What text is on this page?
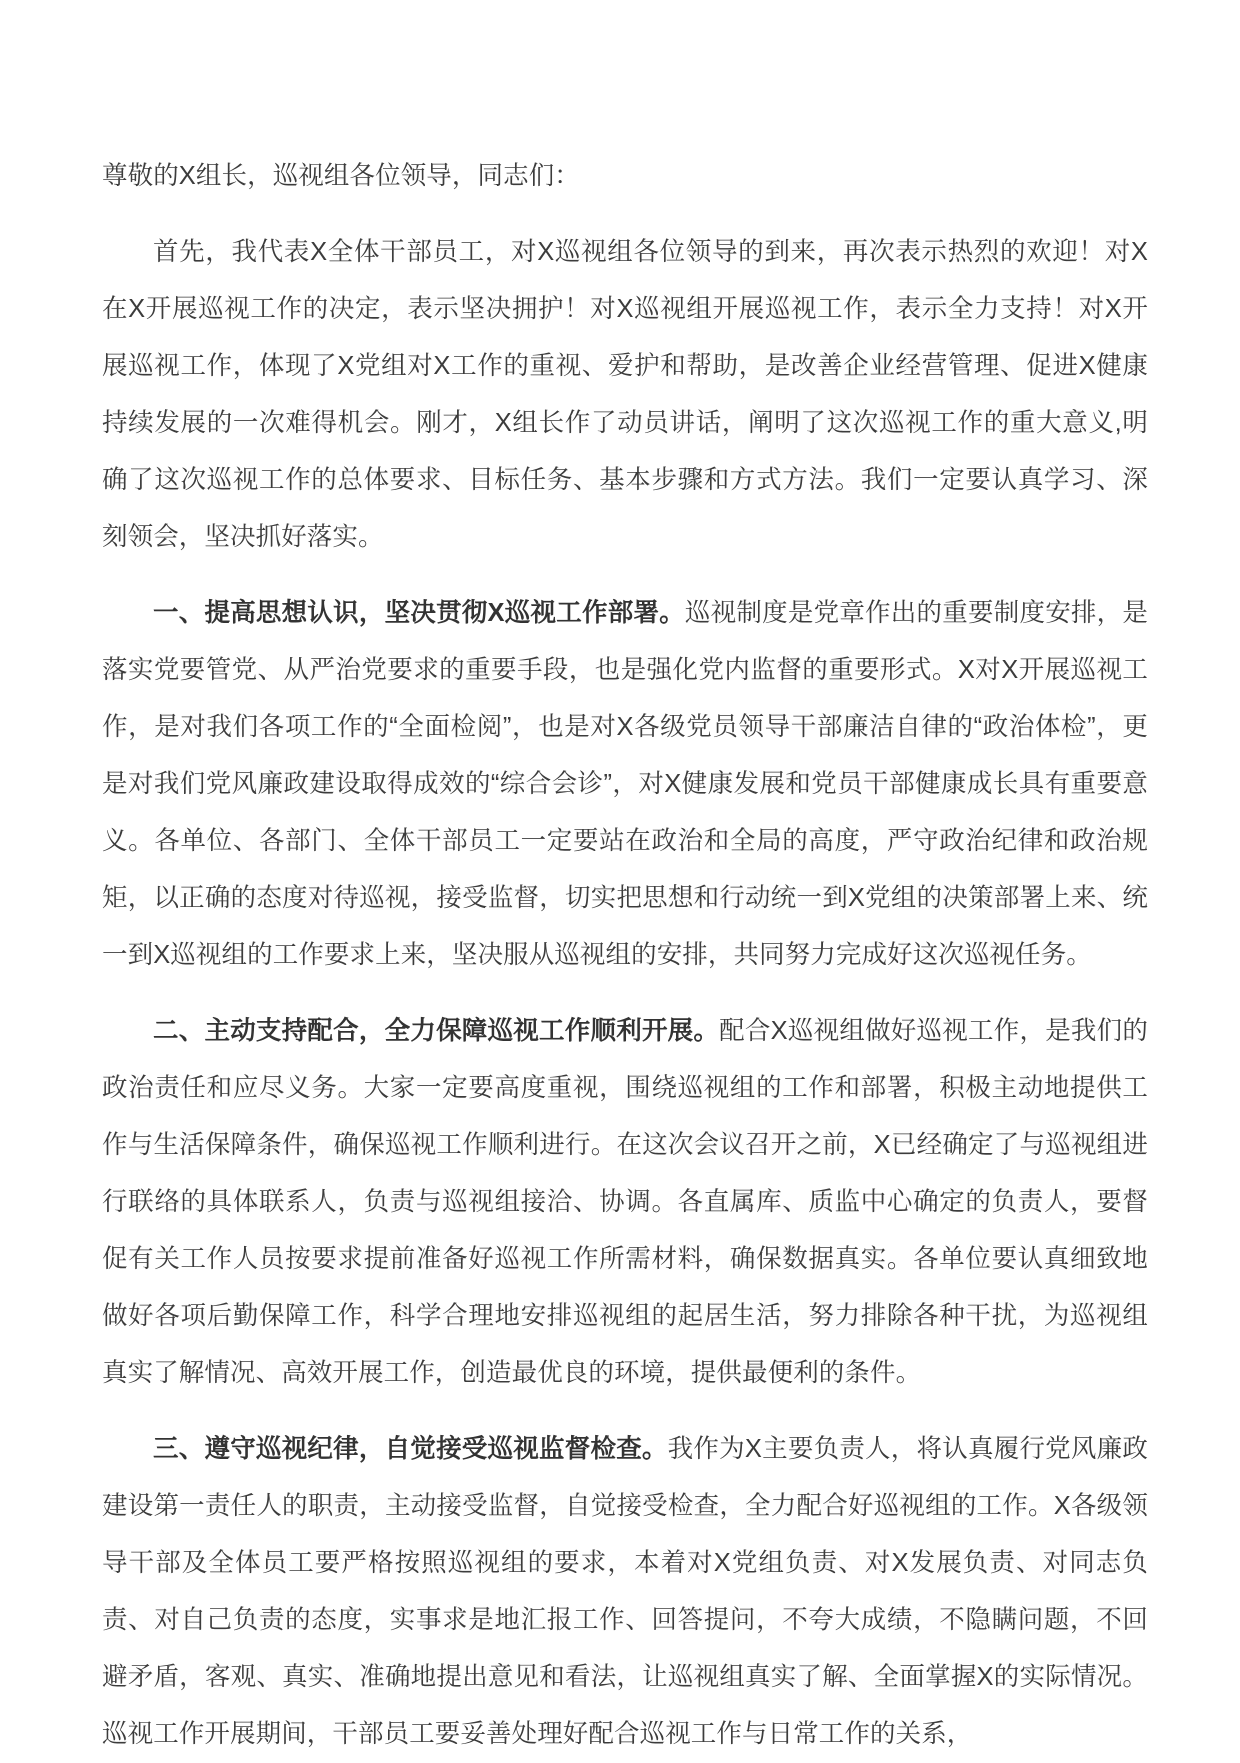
尊敬的X组长，巡视组各位领导，同志们：

首先，我代表X全体干部员工，对X巡视组各位领导的到来，再次表示热烈的欢迎！对X在X开展巡视工作的决定，表示坚决拥护！对X巡视组开展巡视工作，表示全力支持！对X开展巡视工作，体现了X党组对X工作的重视、爱护和帮助，是改善企业经营管理、促进X健康持续发展的一次难得机会。刚才，X组长作了动员讲话，阐明了这次巡视工作的重大意义,明确了这次巡视工作的总体要求、目标任务、基本步骤和方式方法。我们一定要认真学习、深刻领会，坚决抓好落实。

一、提高思想认识，坚决贯彻X巡视工作部署。巡视制度是党章作出的重要制度安排，是落实党要管党、从严治党要求的重要手段，也是强化党内监督的重要形式。X对X开展巡视工作，是对我们各项工作的“全面检阅”，也是对X各级党员领导干部廉洁自律的“政治体检”，更是对我们党风廉政建设取得成效的“综合会诊”，对X健康发展和党员干部健康成长具有重要意义。各单位、各部门、全体干部员工一定要站在政治和全局的高度，严守政治纪律和政治规矩，以正确的态度对待巡视，接受监督，切实把思想和行动统一到X党组的决策部署上来、统一到X巡视组的工作要求上来，坚决服从巡视组的安排，共同努力完成好这次巡视任务。

二、主动支持配合，全力保障巡视工作顺利开展。配合X巡视组做好巡视工作，是我们的政治责任和应尽义务。大家一定要高度重视，围绕巡视组的工作和部署，积极主动地提供工作与生活保障条件，确保巡视工作顺利进行。在这次会议召开之前，X已经确定了与巡视组进行联络的具体联系人，负责与巡视组接洽、协调。各直属库、质监中心确定的负责人，要督促有关工作人员按要求提前准备好巡视工作所需材料，确保数据真实。各单位要认真细致地做好各项后勤保障工作，科学合理地安排巡视组的起居生活，努力排除各种干扰，为巡视组真实了解情况、高效开展工作，创造最优良的环境，提供最便利的条件。

三、遵守巡视纪律，自觉接受巡视监督检查。我作为X主要负责人，将认真履行党风廉政建设第一责任人的职责，主动接受监督，自觉接受检查，全力配合好巡视组的工作。X各级领导干部及全体员工要严格按照巡视组的要求，本着对X党组负责、对X发展负责、对同志负责、对自己负责的态度，实事求是地汇报工作、回答提问，不夸大成绩，不隐瞒问题，不回避矛盾，客观、真实、准确地提出意见和看法，让巡视组真实了解、全面掌握X的实际情况。巡视工作开展期间，干部员工要妥善处理好配合巡视工作与日常工作的关系，
